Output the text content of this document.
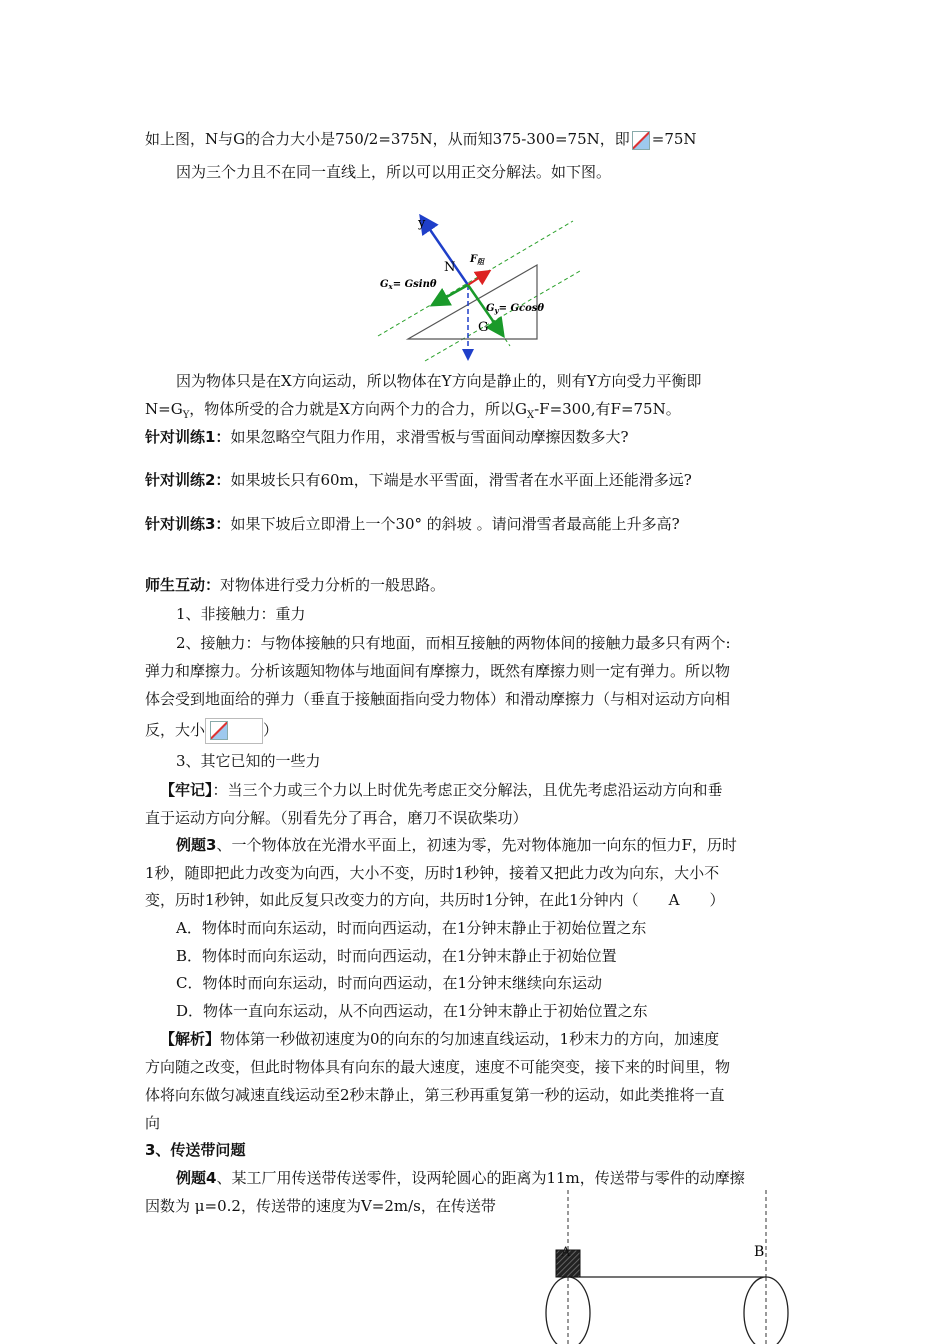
如上图，N与G的合力大小是750/2=375N，从而知375-300=75N，即 =75N
因为三个力且不在同一直线上，所以可以用正交分解法。如下图。
y
N
$F_阻$
$G_x= Gsin\theta$
$G_y= Gcos\theta$
G
因为物体只是在X方向运动，所以物体在Y方向是静止的，则有Y方向受力平衡即
$N=G_Y$，物体所受的合力就是X方向两个力的合力，所以$G_X-F=300$,有F=75N。
针对训练1：如果忽略空气阻力作用，求滑雪板与雪面间动摩擦因数多大?
针对训练2：如果坡长只有60m，下端是水平雪面，滑雪者在水平面上还能滑多远?
针对训练3：如果下坡后立即滑上一个30° 的斜坡 。请问滑雪者最高能上升多高?
师生互动：对物体进行受力分析的一般思路。
1、非接触力：重力
2、接触力：与物体接触的只有地面，而相互接触的两物体间的接触力最多只有两个:
弹力和摩擦力。分析该题知物体与地面间有摩擦力，既然有摩擦力则一定有弹力。所以物
体会受到地面给的弹力（垂直于接触面指向受力物体）和滑动摩擦力（与相对运动方向相
反，大小	）
3、其它已知的一些力
【牢记】：当三个力或三个力以上时优先考虑正交分解法，且优先考虑沿运动方向和垂
直于运动方向分解。（别看先分了再合，磨刀不误砍柴功）
例题3、一个物体放在光滑水平面上，初速为零，先对物体施加一向东的恒力F，历时
1秒，随即把此力改变为向西，大小不变，历时1秒钟，接着又把此力改为向东，大小不
变，历时1秒钟，如此反复只改变力的方向，共历时1分钟，在此1分钟内（ A ）
A．物体时而向东运动，时而向西运动，在1分钟末静止于初始位置之东
B．物体时而向东运动，时而向西运动，在1分钟末静止于初始位置
C．物体时而向东运动，时而向西运动，在1分钟末继续向东运动
D．物体一直向东运动，从不向西运动，在1分钟末静止于初始位置之东
【解析】物体第一秒做初速度为0的向东的匀加速直线运动，1秒末力的方向，加速度
方向随之改变，但此时物体具有向东的最大速度，速度不可能突变，接下来的时间里，物
体将向东做匀减速直线运动至2秒末静止，第三秒再重复第一秒的运动，如此类推将一直
向
3、传送带问题
例题4、某工厂用传送带传送零件，设两轮圆心的距离为11m，传送带与零件的动摩擦
因数为 μ=0.2，传送带的速度为V=2m/s，在传送带
A	B
